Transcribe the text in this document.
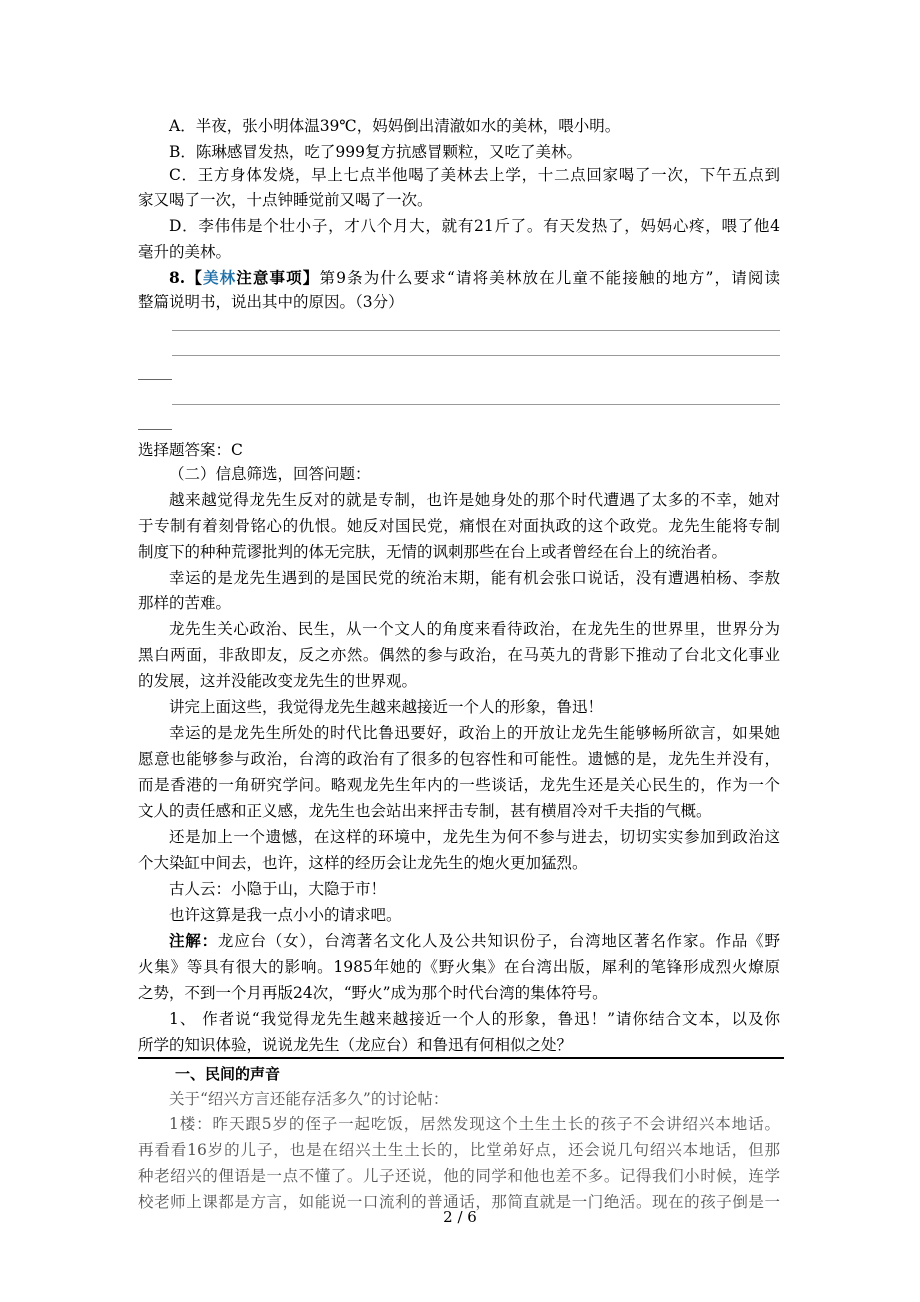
A．半夜，张小明体温39℃，妈妈倒出清澈如水的美林，喂小明。

B．陈琳感冒发热，吃了999复方抗感冒颗粒，又吃了美林。

C．王方身体发烧，早上七点半他喝了美林去上学，十二点回家喝了一次，下午五点到

家又喝了一次，十点钟睡觉前又喝了一次。

D．李伟伟是个壮小子，才八个月大，就有21斤了。有天发热了，妈妈心疼，喂了他4

毫升的美林。

8.【美林注意事项】第9条为什么要求“请将美林放在儿童不能接触的地方”，请阅读

整篇说明书，说出其中的原因。（3分）

选择题答案：C

（二）信息筛选，回答问题：

越来越觉得龙先生反对的就是专制，也许是她身处的那个时代遭遇了太多的不幸，她对

于专制有着刻骨铭心的仇恨。她反对国民党，痛恨在对面执政的这个政党。龙先生能将专制

制度下的种种荒谬批判的体无完肤，无情的讽刺那些在台上或者曾经在台上的统治者。

幸运的是龙先生遇到的是国民党的统治末期，能有机会张口说话，没有遭遇柏杨、李敖

那样的苦难。

龙先生关心政治、民生，从一个文人的角度来看待政治，在龙先生的世界里，世界分为

黑白两面，非敌即友，反之亦然。偶然的参与政治，在马英九的背影下推动了台北文化事业

的发展，这并没能改变龙先生的世界观。

讲完上面这些，我觉得龙先生越来越接近一个人的形象，鲁迅！

幸运的是龙先生所处的时代比鲁迅要好，政治上的开放让龙先生能够畅所欲言，如果她

愿意也能够参与政治，台湾的政治有了很多的包容性和可能性。遗憾的是，龙先生并没有，

而是香港的一角研究学问。略观龙先生年内的一些谈话，龙先生还是关心民生的，作为一个

文人的责任感和正义感，龙先生也会站出来抨击专制，甚有横眉冷对千夫指的气概。

还是加上一个遗憾，在这样的环境中，龙先生为何不参与进去，切切实实参加到政治这

个大染缸中间去，也许，这样的经历会让龙先生的炮火更加猛烈。

古人云：小隐于山，大隐于市！

也许这算是我一点小小的请求吧。

注解：龙应台（女），台湾著名文化人及公共知识份子，台湾地区著名作家。作品《野

火集》等具有很大的影响。1985年她的《野火集》在台湾出版，犀利的笔锋形成烈火燎原

之势，不到一个月再版24次，“野火”成为那个时代台湾的集体符号。

1、 作者说“我觉得龙先生越来越接近一个人的形象，鲁迅！”请你结合文本，以及你

所学的知识体验，说说龙先生（龙应台）和鲁迅有何相似之处？

一、民间的声音

关于“绍兴方言还能存活多久”的讨论帖：

1楼：昨天跟5岁的侄子一起吃饭，居然发现这个土生土长的孩子不会讲绍兴本地话。

再看看16岁的儿子，也是在绍兴土生土长的，比堂弟好点，还会说几句绍兴本地话，但那

种老绍兴的俚语是一点不懂了。儿子还说，他的同学和他也差不多。记得我们小时候，连学

校老师上课都是方言，如能说一口流利的普通话，那简直就是一门绝活。现在的孩子倒是一

2 / 6
